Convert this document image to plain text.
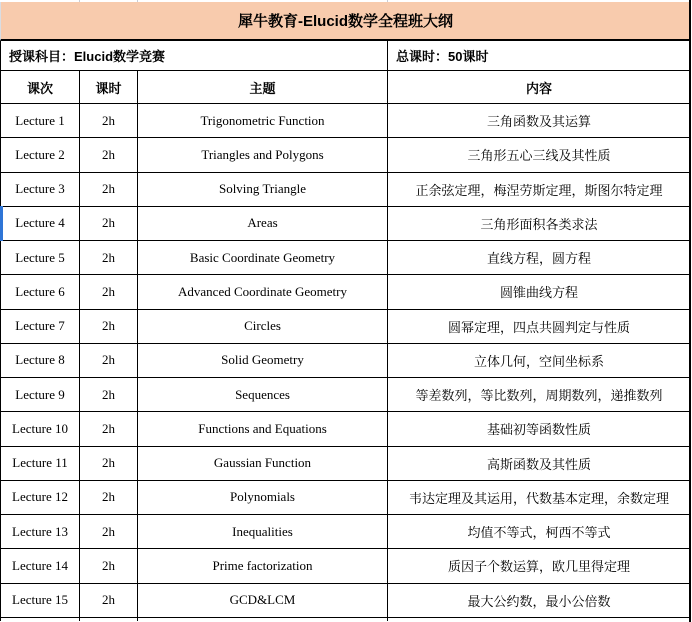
犀牛教育-Elucid数学全程班大纲
授课科目：Elucid数学竞赛	总课时：50课时
课次	课时	主题	内容
Lecture 1	2h	Trigonometric Function	三角函数及其运算
Lecture 2	2h	Triangles and Polygons	三角形五心三线及其性质
Lecture 3	2h	Solving Triangle	正余弦定理，梅涅劳斯定理，斯图尔特定理
Lecture 4	2h	Areas	三角形面积各类求法
Lecture 5	2h	Basic Coordinate Geometry	直线方程，圆方程
Lecture 6	2h	Advanced Coordinate Geometry	圆锥曲线方程
Lecture 7	2h	Circles	圆幂定理，四点共圆判定与性质
Lecture 8	2h	Solid Geometry	立体几何，空间坐标系
Lecture 9	2h	Sequences	等差数列，等比数列，周期数列，递推数列
Lecture 10	2h	Functions and Equations	基础初等函数性质
Lecture 11	2h	Gaussian Function	高斯函数及其性质
Lecture 12	2h	Polynomials	韦达定理及其运用，代数基本定理，余数定理
Lecture 13	2h	Inequalities	均值不等式，柯西不等式
Lecture 14	2h	Prime factorization	质因子个数运算，欧几里得定理
Lecture 15	2h	GCD&LCM	最大公约数，最小公倍数
